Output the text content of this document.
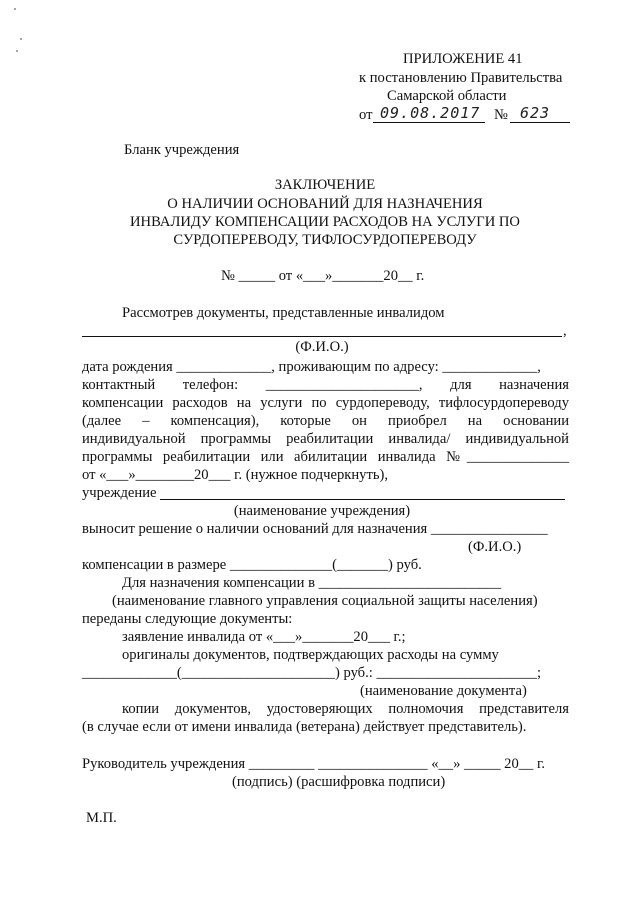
ПРИЛОЖЕНИЕ 41
к постановлению Правительства
Самарской области
от 09.08.2017 № 623
Бланк учреждения
ЗАКЛЮЧЕНИЕ
О НАЛИЧИИ ОСНОВАНИЙ ДЛЯ НАЗНАЧЕНИЯ
ИНВАЛИДУ КОМПЕНСАЦИИ РАСХОДОВ НА УСЛУГИ ПО
СУРДОПЕРЕВОДУ, ТИФЛОСУРДОПЕРЕВОДУ
№ _____ от «___»_______20__ г.
Рассмотрев документы, представленные инвалидом
,
(Ф.И.О.)
дата рождения _____________, проживающим по адресу: _____________,
контактный телефон: _____________________, для назначения
компенсации расходов на услуги по сурдопереводу, тифлосурдопереводу
(далее – компенсация), которые он приобрел на основании
индивидуальной программы реабилитации инвалида/ индивидуальной
программы реабилитации или абилитации инвалида №______________
от «___»________20___ г. (нужное подчеркнуть),
учреждение
(наименование учреждения)
выносит решение о наличии оснований для назначения ________________
(Ф.И.О.)
компенсации в размере ______________(_______) руб.
Для назначения компенсации в _________________________
(наименование главного управления социальной защиты населения)
переданы следующие документы:
заявление инвалида от «___»_______20___ г.;
оригиналы документов, подтверждающих расходы на сумму
_____________(_____________________) руб.: ______________________;
(наименование документа)
копии документов, удостоверяющих полномочия представителя
(в случае если от имени инвалида (ветерана) действует представитель).
Руководитель учреждения _________ _______________ «__» _____ 20__ г.
(подпись) (расшифровка подписи)
М.П.
